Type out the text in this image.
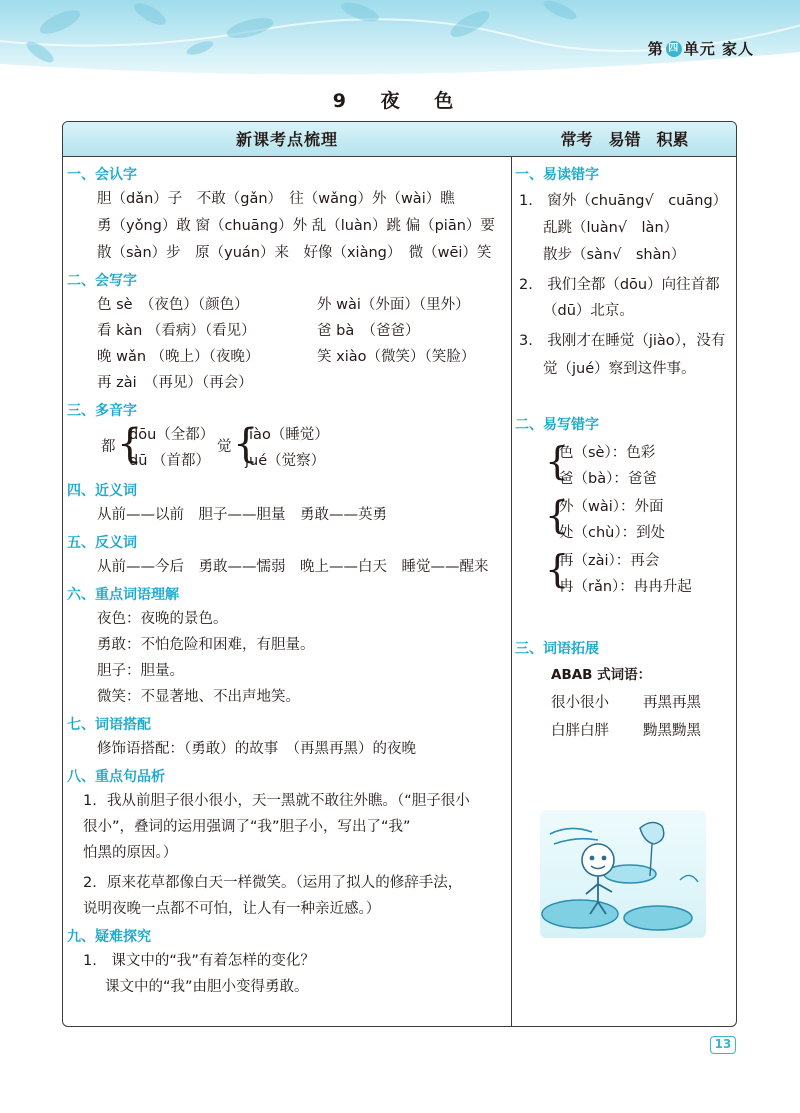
第 四 单元 家人
9 夜 色
新课考点梳理	常考　易错　积累
一、会认字
胆（dǎn）子　不敢（gǎn）　往（wǎng）外（wài）瞧
勇（yǒng）敢 窗（chuāng）外 乱（luàn）跳 偏（piān）要
散（sàn）步　原（yuán）来　好像（xiàng）　微（wēi）笑
二、会写字
色 sè　（夜色）（颜色）
看 kàn （看病）（看见）
晚 wǎn （晚上）（夜晚）
再 zài　（再见）（再会）
外 wài（外面）（里外）
爸 bà　（爸爸）
笑 xiào（微笑）（笑脸）
三、多音字
都 {
dōu（全都）
dū （首都）
觉 {
jiào（睡觉）
jué（觉察）
四、近义词
从前——以前　胆子——胆量　勇敢——英勇
五、反义词
从前——今后　勇敢——懦弱　晚上——白天　睡觉——醒来
六、重点词语理解
夜色：夜晚的景色。
勇敢：不怕危险和困难，有胆量。
胆子：胆量。
微笑：不显著地、不出声地笑。
七、词语搭配
修饰语搭配：（勇敢）的故事　（再黑再黑）的夜晚
八、重点句品析
1. 我从前胆子很小很小，天一黑就不敢往外瞧。（“胆子很小
很小”，叠词的运用强调了“我”胆子小，写出了“我”
怕黑的原因。）
2. 原来花草都像白天一样微笑。（运用了拟人的修辞手法，
说明夜晚一点都不可怕，让人有一种亲近感。）
九、疑难探究
1.　课文中的“我”有着怎样的变化？
课文中的“我”由胆小变得勇敢。
一、易读错字
1.　窗外（chuāng√　cuāng）
乱跳（luàn√　làn）
散步（sàn√　shàn）
2.　我们全都（dōu）向往首都
（dū）北京。
3.　我刚才在睡觉（jiào），没有
觉（jué）察到这件事。
二、易写错字
{
色（sè）：色彩
爸（bà）：爸爸
{
外（wài）：外面
处（chù）：到处
{
再（zài）：再会
冉（rǎn）：冉冉升起
三、词语拓展
ABAB 式词语：
很小很小 再黑再黑
白胖白胖 黝黑黝黑
13
